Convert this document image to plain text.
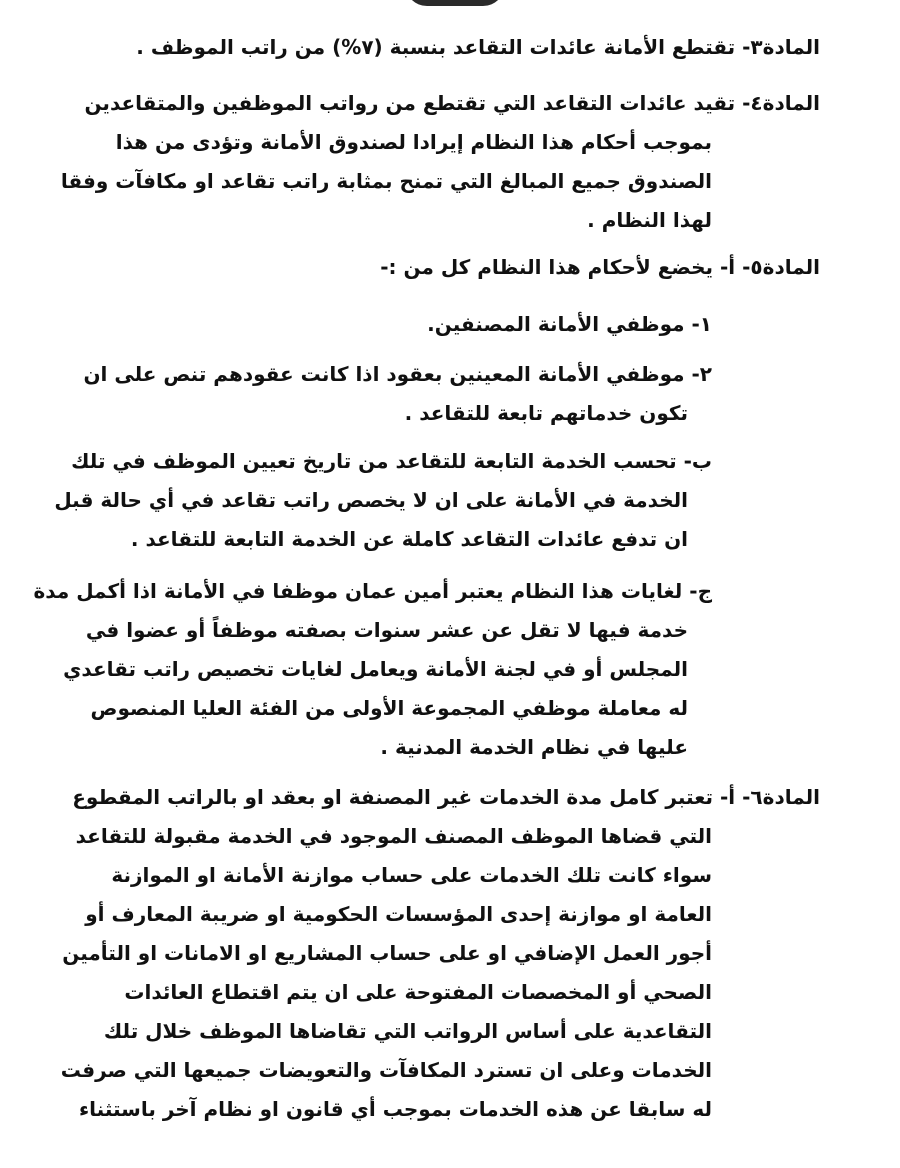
المادة٣- تقتطع الأمانة عائدات التقاعد بنسبة (٧%) من راتب الموظف .

المادة٤- تقيد عائدات التقاعد التي تقتطع من رواتب الموظفين والمتقاعدين
بموجب أحكام هذا النظام إيرادا لصندوق الأمانة وتؤدى من هذا
الصندوق جميع المبالغ التي تمنح بمثابة راتب تقاعد او مكافآت وفقا
لهذا النظام .

المادة٥- أ- يخضع لأحكام هذا النظام كل من :-

١- موظفي الأمانة المصنفين.

٢- موظفي الأمانة المعينين بعقود اذا كانت عقودهم تنص على ان
تكون خدماتهم تابعة للتقاعد .

ب- تحسب الخدمة التابعة للتقاعد من تاريخ تعيين الموظف في تلك
الخدمة في الأمانة على ان لا يخصص راتب تقاعد في أي حالة قبل
ان تدفع عائدات التقاعد كاملة عن الخدمة التابعة للتقاعد .

ج- لغايات هذا النظام يعتبر أمين عمان موظفا في الأمانة اذا أكمل مدة
خدمة فيها لا تقل عن عشر سنوات بصفته موظفاً أو عضوا في
المجلس أو في لجنة الأمانة ويعامل لغايات تخصيص راتب تقاعدي
له معاملة موظفي المجموعة الأولى من الفئة العليا المنصوص
عليها في نظام الخدمة المدنية .

المادة٦- أ- تعتبر كامل مدة الخدمات غير المصنفة او بعقد او بالراتب المقطوع
التي قضاها الموظف المصنف الموجود في الخدمة مقبولة للتقاعد
سواء كانت تلك الخدمات على حساب موازنة الأمانة او الموازنة
العامة او موازنة إحدى المؤسسات الحكومية او ضريبة المعارف أو
أجور العمل الإضافي او على حساب المشاريع او الامانات او التأمين
الصحي أو المخصصات المفتوحة على ان يتم اقتطاع العائدات
التقاعدية على أساس الرواتب التي تقاضاها الموظف خلال تلك
الخدمات وعلى ان تسترد المكافآت والتعويضات جميعها التي صرفت
له سابقا عن هذه الخدمات بموجب أي قانون او نظام آخر باستثناء
